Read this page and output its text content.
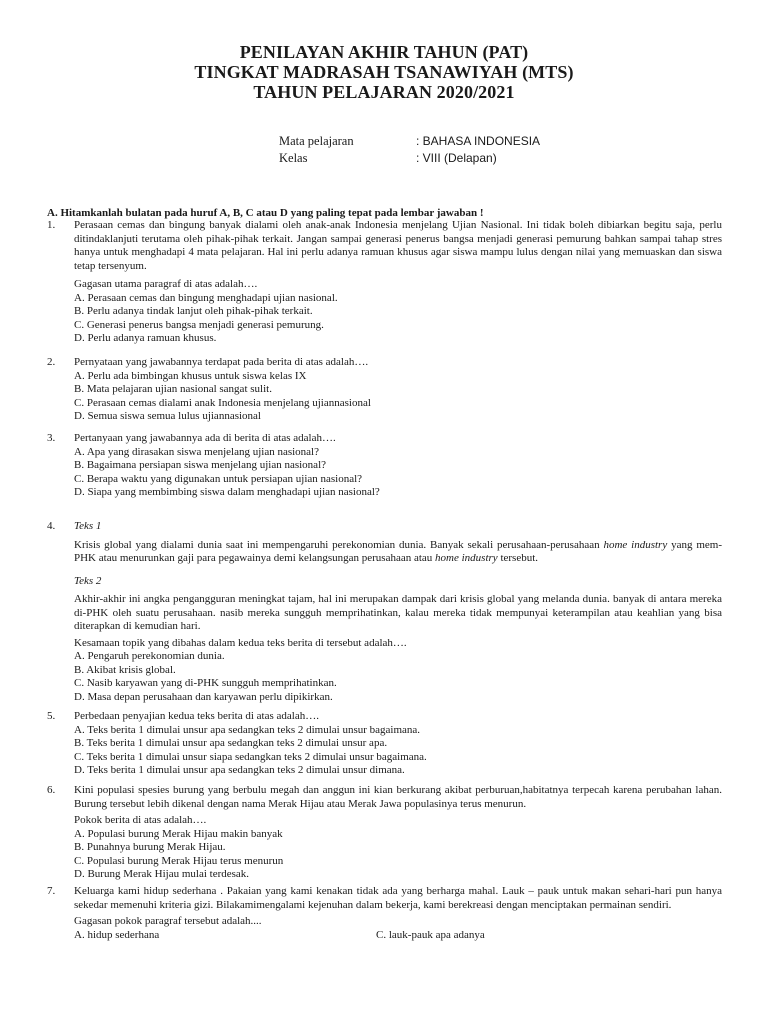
PENILAYAN AKHIR TAHUN (PAT)
TINGKAT MADRASAH TSANAWIYAH (MTS)
TAHUN PELAJARAN 2020/2021
Mata pelajaran	: BAHASA INDONESIA
Kelas	: VIII (Delapan)
A. Hitamkanlah bulatan pada huruf A, B, C atau D yang paling tepat pada lembar jawaban !
1. Perasaan cemas dan bingung banyak dialami oleh anak-anak Indonesia menjelang Ujian Nasional. Ini tidak boleh dibiarkan begitu saja, perlu ditindaklanjuti terutama oleh pihak-pihak terkait. Jangan sampai generasi penerus bangsa menjadi generasi pemurung bahkan sampai tahap stres hanya untuk menghadapi 4 mata pelajaran. Hal ini perlu adanya ramuan khusus agar siswa mampu lulus dengan nilai yang memuaskan dan siswa tetap tersenyum.

Gagasan utama paragraf di atas adalah….
A. Perasaan cemas dan bingung menghadapi ujian nasional.
B. Perlu adanya tindak lanjut oleh pihak-pihak terkait.
C. Generasi penerus bangsa menjadi generasi pemurung.
D. Perlu adanya ramuan khusus.
2. Pernyataan yang jawabannya terdapat pada berita di atas adalah….
A. Perlu ada bimbingan khusus untuk siswa kelas IX
B. Mata pelajaran ujian nasional sangat sulit.
C. Perasaan cemas dialami anak Indonesia menjelang ujiannasional
D. Semua siswa semua lulus ujiannasional
3. Pertanyaan yang jawabannya ada di berita di atas adalah….
A. Apa yang dirasakan siswa menjelang ujian nasional?
B. Bagaimana persiapan siswa menjelang ujian nasional?
C. Berapa waktu yang digunakan untuk persiapan ujian nasional?
D. Siapa yang membimbing siswa dalam menghadapi ujian nasional?
4. Teks 1

Krisis global yang dialami dunia saat ini mempengaruhi perekonomian dunia. Banyak sekali perusahaan-perusahaan home industry yang mem-PHK atau menurunkan gaji para pegawainya demi kelangsungan perusahaan atau home industry tersebut.

Teks 2

Akhir-akhir ini angka pengangguran meningkat tajam, hal ini merupakan dampak dari krisis global yang melanda dunia. banyak di antara mereka di-PHK oleh suatu perusahaan. nasib mereka sungguh memprihatinkan, kalau mereka tidak mempunyai keterampilan atau keahlian yang bisa diterapkan di kemudian hari.

Kesamaan topik yang dibahas dalam kedua teks berita di tersebut adalah….
A. Pengaruh perekonomian dunia.
B. Akibat krisis global.
C. Nasib karyawan yang di-PHK sungguh memprihatinkan.
D. Masa depan perusahaan dan karyawan perlu dipikirkan.
5. Perbedaan penyajian kedua teks berita di atas adalah….
A. Teks berita 1 dimulai unsur apa sedangkan teks 2 dimulai unsur bagaimana.
B. Teks berita 1 dimulai unsur apa sedangkan teks 2 dimulai unsur apa.
C. Teks berita 1 dimulai unsur siapa sedangkan teks 2 dimulai unsur bagaimana.
D. Teks berita 1 dimulai unsur apa sedangkan teks 2 dimulai unsur dimana.
6. Kini populasi spesies burung yang berbulu megah dan anggun ini kian berkurang akibat perburuan,habitatnya terpecah karena perubahan lahan. Burung tersebut lebih dikenal dengan nama Merak Hijau atau Merak Jawa populasinya terus menurun.

Pokok berita di atas adalah….
A. Populasi burung Merak Hijau makin banyak
B. Punahnya burung Merak Hijau.
C. Populasi burung Merak Hijau terus menurun
D. Burung Merak Hijau mulai terdesak.
7. Keluarga kami hidup sederhana . Pakaian yang kami kenakan tidak ada yang berharga mahal. Lauk – pauk untuk makan sehari-hari pun hanya sekedar memenuhi kriteria gizi. Bilakamimengalami kejenuhan dalam bekerja, kami berekreasi dengan menciptakan permainan sendiri.

Gagasan pokok paragraf tersebut adalah....
A. hidup sederhana	C. lauk-pauk apa adanya
